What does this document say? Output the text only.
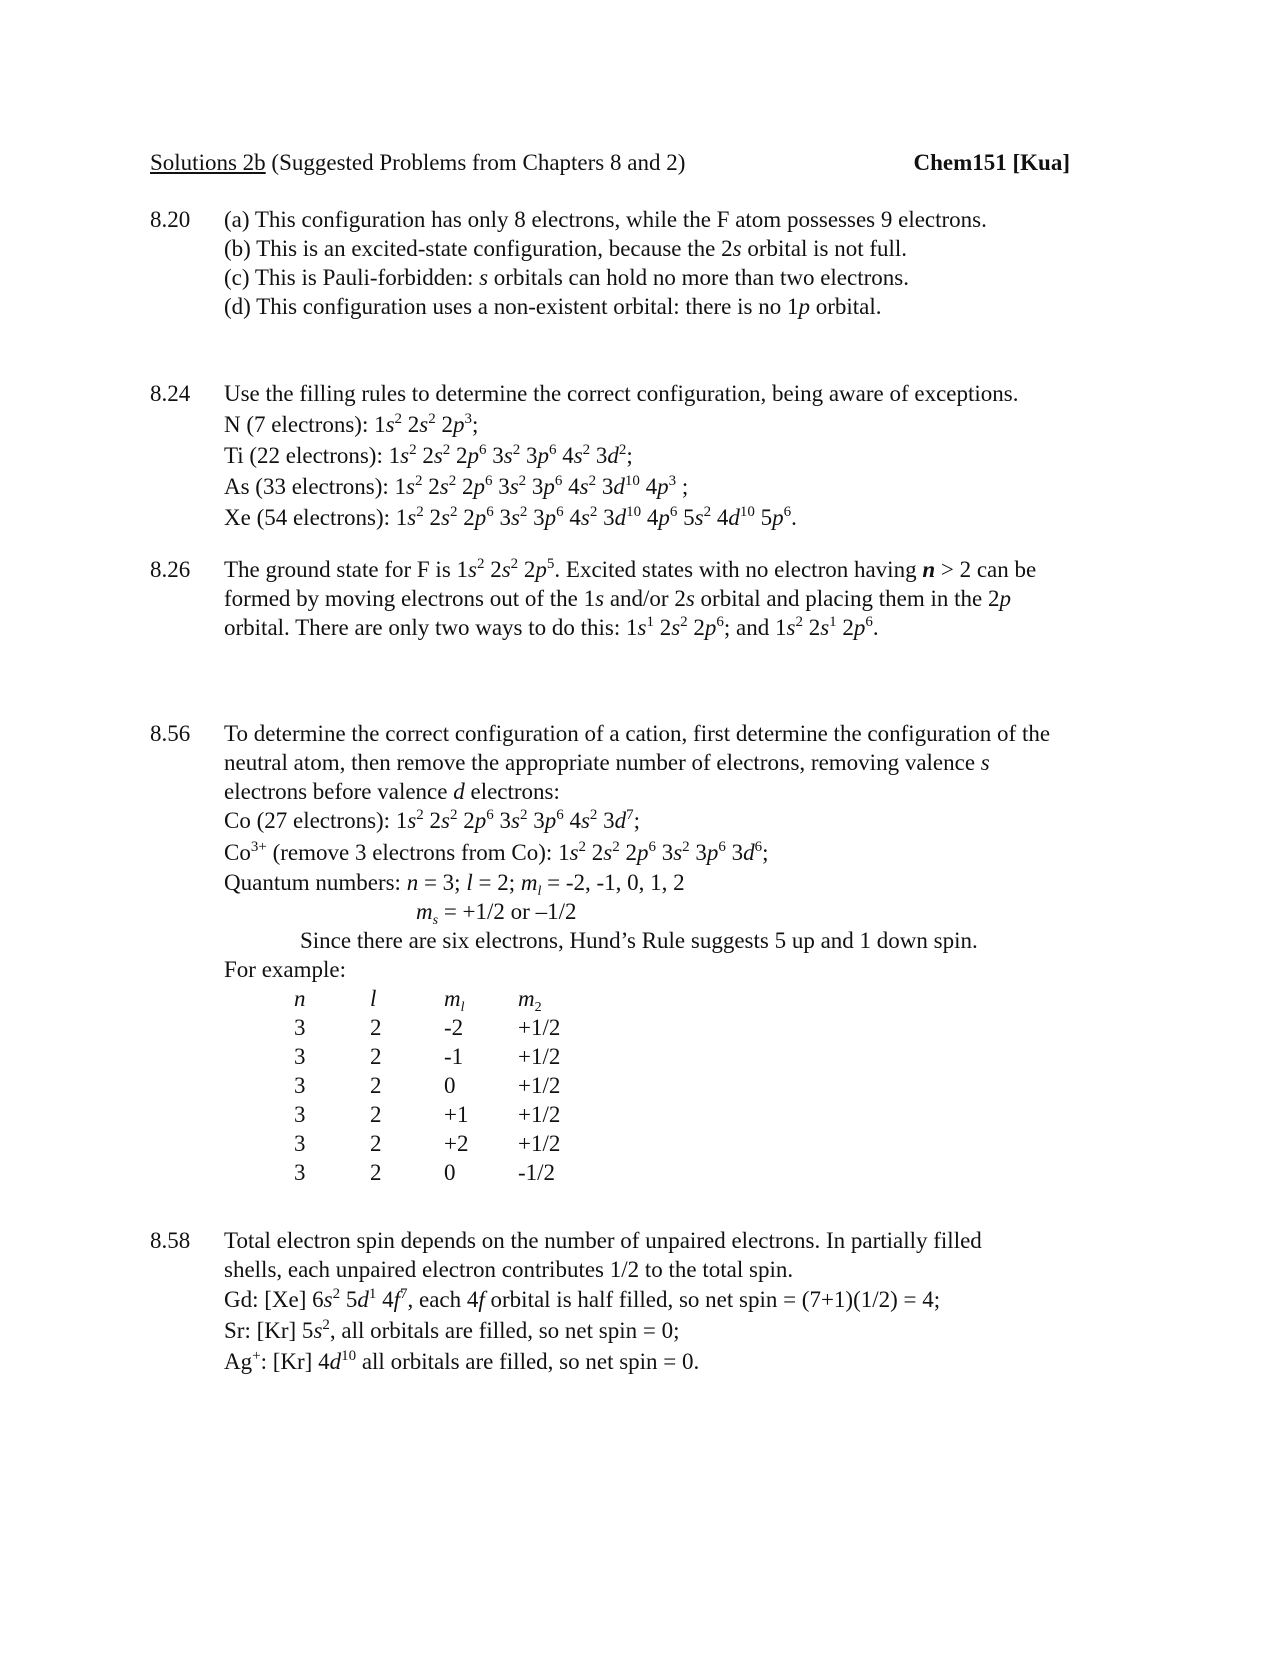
Solutions 2b (Suggested Problems from Chapters 8 and 2)	Chem151 [Kua]
8.20	(a) This configuration has only 8 electrons, while the F atom possesses 9 electrons.
(b) This is an excited-state configuration, because the 2s orbital is not full.
(c) This is Pauli-forbidden: s orbitals can hold no more than two electrons.
(d) This configuration uses a non-existent orbital: there is no 1p orbital.
8.24	Use the filling rules to determine the correct configuration, being aware of exceptions.
N (7 electrons): $1s^2$ $2s^2$ $2p^3$;
Ti (22 electrons): $1s^2$ $2s^2$ $2p^6$ $3s^2$ $3p^6$ $4s^2$ $3d^2$;
As (33 electrons): $1s^2$ $2s^2$ $2p^6$ $3s^2$ $3p^6$ $4s^2$ $3d^{10}$ $4p^3$ ;
Xe (54 electrons): $1s^2$ $2s^2$ $2p^6$ $3s^2$ $3p^6$ $4s^2$ $3d^{10}$ $4p^6$ $5s^2$ $4d^{10}$ $5p^6$.
8.26	The ground state for F is $1s^2$ $2s^2$ $2p^5$. Excited states with no electron having n > 2 can be
formed by moving electrons out of the 1s and/or 2s orbital and placing them in the 2p
orbital. There are only two ways to do this: $1s^1$ $2s^2$ $2p^6$; and $1s^2$ $2s^1$ $2p^6$.
8.56	To determine the correct configuration of a cation, first determine the configuration of the
neutral atom, then remove the appropriate number of electrons, removing valence s
electrons before valence d electrons:
Co (27 electrons): $1s^2$ $2s^2$ $2p^6$ $3s^2$ $3p^6$ $4s^2$ $3d^7$;
$Co^{3+}$ (remove 3 electrons from Co): $1s^2$ $2s^2$ $2p^6$ $3s^2$ $3p^6$ $3d^6$;
Quantum numbers: n = 3; l = 2; $m_l = -2$, -1, 0, 1, 2
$m_s = +1/2$ or –1/2
Since there are six electrons, Hund’s Rule suggests 5 up and 1 down spin.
For example:
n	l	$m_l$ $m_2$
3	2	-2 +1/2
3	2	-1 +1/2
3	2	0	+1/2
3	2	+1 +1/2
3	2	+2 +1/2
3	2	0	-1/2
8.58	Total electron spin depends on the number of unpaired electrons. In partially filled
shells, each unpaired electron contributes 1/2 to the total spin.
Gd: [Xe] $6s^2$ $5d^1$ $4f^7$, each 4f orbital is half filled, so net spin = (7+1)(1/2) = 4;
Sr: [Kr] $5s^2$, all orbitals are filled, so net spin = 0;
Ag+: [Kr] $4d^{10}$ all orbitals are filled, so net spin = 0.
